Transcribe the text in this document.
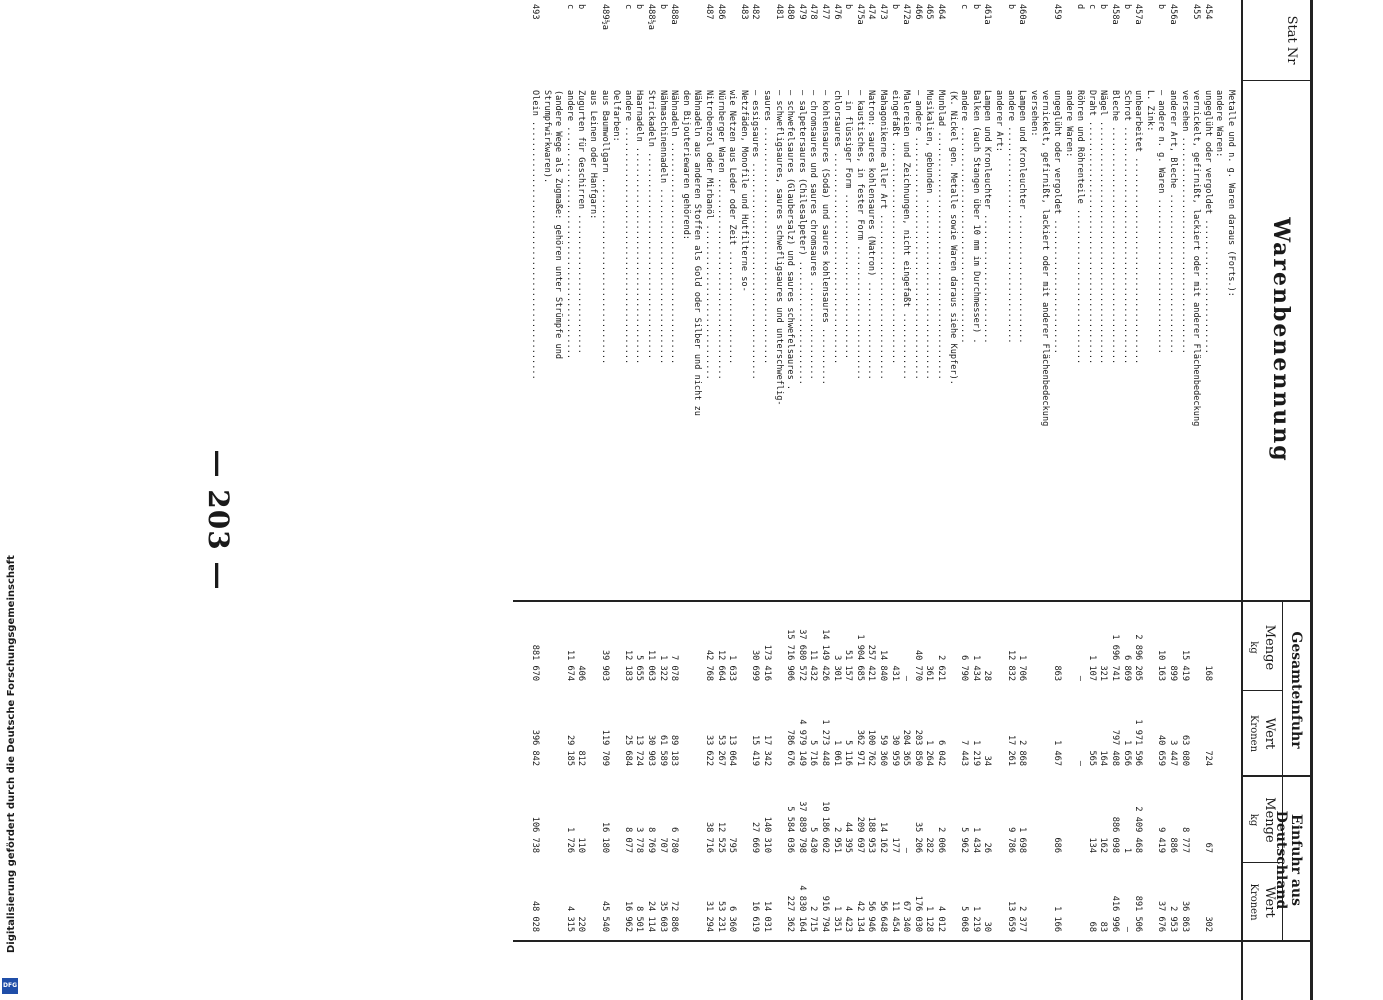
— 203 —
Stat Nr
Warenbenennung
Gesamteinfuhr
Einfuhr aus Deutschland
Menge
kg
Wert
Kronen
Menge
kg
Wert
Kronen
Metalle und n. g. Waren daraus (Forts.):
andere Waren:
454
ungeglüht oder vergoldet ..........................
168
724
67
302
455
vernickelt, gefirnißt, lackiert oder mit anderer Flächenbedeckung
versehen ..........................................
15 419
63 080
8 777
36 863
456a
anderer Art, Bleche ...............................
899
3 447
886
2 953
b
— andere n. g. Waren ..............................
10 163
40 659
9 419
37 676
L. Zink:
457a
unbearbeitet ........................................
2 896 205
1 971 596
2 409 468
891 506
b
Schrot ..............................................
6 869
1 656
1
—
458a
Bleche ..............................................
1 696 741
797 408
886 098
416 996
b
Nägel ...............................................
321
164
162
83
c
Draht ...............................................
1 107
565
134
68
d
Röhren und Röhrenteile ..............................
—
—
andere Waren:
459
ungeglüht oder vergoldet ..........................
863
1 467
686
1 166
vernickelt, gefirnißt, lackiert oder mit anderer Flächenbedeckung
versehen:
460a
Lampen und Kronleuchter .........................
1 706
2 868
1 698
2 377
b
andere ..........................................
12 832
17 261
9 786
13 659
anderer Art:
461a
Lampen und Kronleuchter .........................
28
34
26
30
b
Balken (auch Stangen über 10 mm im Durchmesser) .
1 434
1 219
1 434
1 219
c
andere ..........................................
6 790
7 443
5 962
5 068
(K. Nickel gen. Metalle sowie Waren daraus siehe Kupfer).
464
Munblad ................................................
2 621
6 042
2 006
4 012
465
Musikalien, gebunden ...................................
361
1 264
282
1 128
466
— andere ...............................................
40 770
203 850
35 206
176 030
472a
Malereien und Zeichnungen, nicht eingefaßt .............
—
204 365
—
67 340
b
eingefaßt ...........................................
431
30 959
177
11 454
473
Mahagonikerne aller Art ................................
14 840
59 360
14 162
56 648
474
Natron: saures kohlensaures (Natron) ...................
257 421
100 762
188 953
56 946
475a
— kaustisches, in fester Form ..........................
1 904 685
362 971
209 697
42 134
b
— in flüssiger Form ................................
51 157
5 116
44 395
4 423
476
chlorsaures .........................................
3 301
1 061
2 951
1 351
477
— kohlensaures (Soda) und saures kohlensaures ...........
14 149 426
1 273 448
10 186 602
916 794
478
— chromsaures und saures chromsaures ...................
11 432
5 716
5 430
2 715
479
— salpetersaures (Chilesalpeter) ........................
37 680 572
4 979 149
37 889 798
4 830 164
480
— schwefelsaures (Glaubersalz) und saures schwefelsaures .
15 716 906
786 676
5 584 036
227 362
481
— schwefligsaures, saures schwefligsaures und unterschweflig-
saures ..............................................
173 416
17 342
140 310
14 031
482
— essigsaures ..........................................
30 699
15 419
27 669
16 619
483
Netzfäden, Monofile und Hutfilterne so-
wie Netzen aus Leder oder Zeit ......................
1 633
13 064
795
6 360
486
Nürnberger Waren .......................................
12 664
53 267
12 525
53 231
487
Nitrobenzol oder Mirbanöl ..............................
42 768
33 622
38 716
31 294
Nähnadeln aus anderen Stoffen als Gold oder Silber und nicht zu
den Bijouteriewaren gehörend:
488a
Nähnadeln ...........................................
7 078
89 183
6 780
72 886
b
Nähmaschinennadeln ..................................
1 322
61 589
707
35 603
488½a
Strickadeln ........................................
11 063
30 903
8 769
24 114
b
Haarnadeln ..........................................
5 655
13 724
3 778
8 501
c
andere ..............................................
12 183
25 684
8 077
16 962
Oelfarben:
489½a
aus Baumwollgarn ....................................
39 903
119 709
16 180
45 540
aus Leinen oder Hanfgarn:
b
Zugurten für Geschirren ...........................
406
812
110
220
c
andere .............................................
11 674
29 185
1 726
4 315
(andere Wege als Zugmaße: gehören unter Strümpfe und
Strumpfwirkwaren).
493
Olein ..................................................
881 670
396 842
106 738
48 028
Digitalisierung gefördert durch die Deutsche Forschungsgemeinschaft
DFG
